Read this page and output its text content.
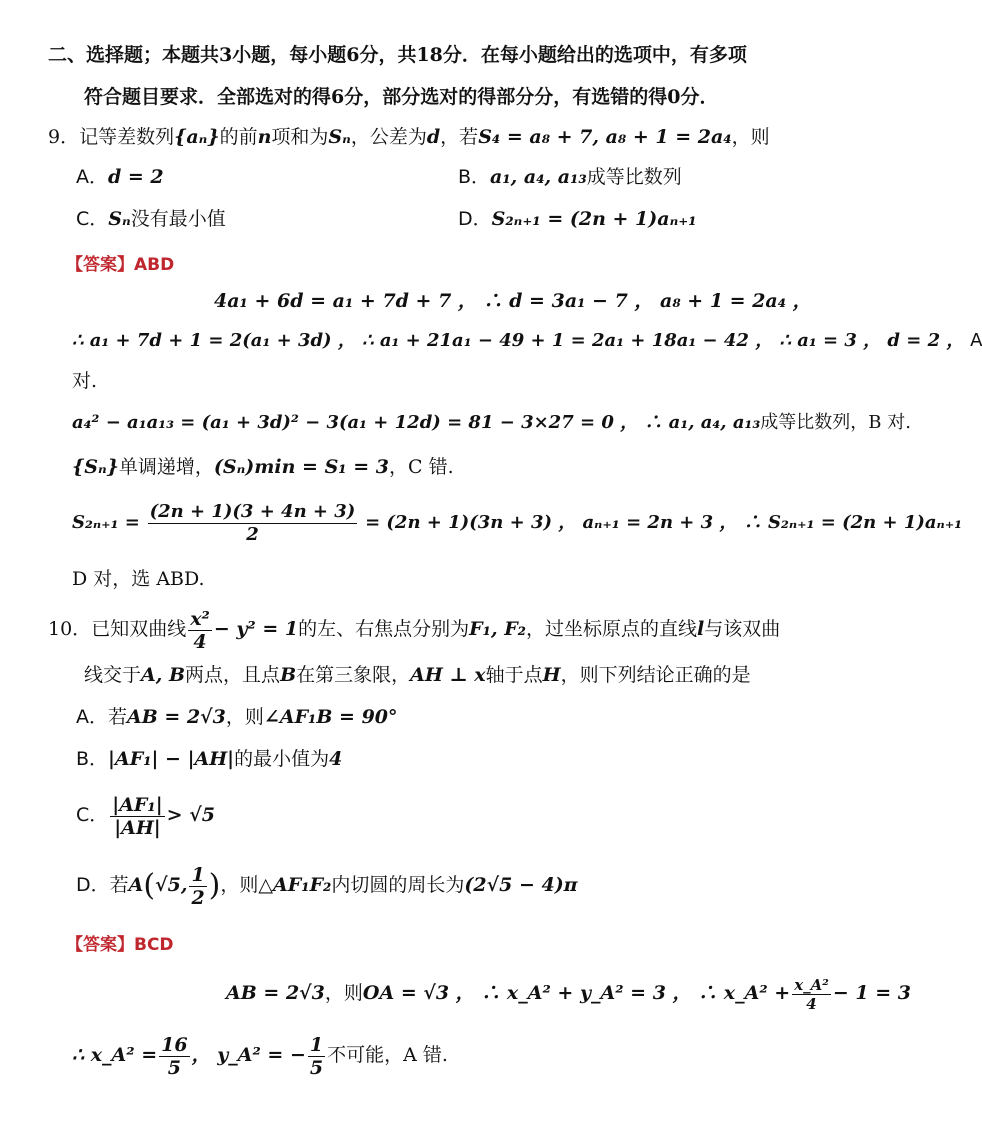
二、选择题；本题共3小题，每小题6分，共18分．在每小题给出的选项中，有多项
符合题目要求．全部选对的得6分，部分选对的得部分分，有选错的得0分．
9．记等差数列{aₙ}的前n项和为Sₙ，公差为d，若S₄ = a₈ + 7, a₈ + 1 = 2a₄，则
A．d = 2	B．a₁, a₄, a₁₃成等比数列
C．Sₙ没有最小值	D．S₂ₙ₊₁ = (2n + 1)aₙ₊₁
【答案】ABD
4a₁ + 6d = a₁ + 7d + 7 ， ∴ d = 3a₁ − 7 ， a₈ + 1 = 2a₄ ，
∴ a₁ + 7d + 1 = 2(a₁ + 3d) ， ∴ a₁ + 21a₁ − 49 + 1 = 2a₁ + 18a₁ − 42 ， ∴ a₁ = 3 ， d = 2 ， A
对.
a₄² − a₁a₁₃ = (a₁ + 3d)² − 3(a₁ + 12d) = 81 − 3×27 = 0 ， ∴ a₁, a₄, a₁₃成等比数列，B 对.
{Sₙ}单调递增，(Sₙ)min = S₁ = 3，C 错.
$S_{2n+1} = \frac{(2n + 1)(3 + 4n + 3)}{2} = (2n + 1)(3n + 3)$ ， aₙ₊₁ = 2n + 3 ， ∴ S₂ₙ₊₁ = (2n + 1)aₙ₊₁
D 对，选 ABD.
10．已知双曲线 $\frac{\text{x²}}{4} - y^2 = 1$的左、右焦点分别为F₁, F₂，过坐标原点的直线l与该双曲
线交于A, B两点，且点B在第三象限，AH ⊥ x轴于点H，则下列结论正确的是
A．若AB = 2√3，则∠AF₁B = 90°
B．|AF₁| − |AH|的最小值为4
C． $\frac{\text{|AF₁|}}{|AH|} > √5$
D．若A(√5, $\frac{1}{2}$ )，则△AF₁F₂内切圆的周长为(2√5 − 4)π
【答案】BCD
AB = 2√3，则OA = √3 ， ∴ x_A² + y_A² = 3 ， ∴ x_A² + $\frac{\text{x\_A²}}{4} - 1 = 3$
∴ x_A² = $\frac{16}{5}$ ， y_A² = − $\frac{1}{5}$ 不可能，A 错.
